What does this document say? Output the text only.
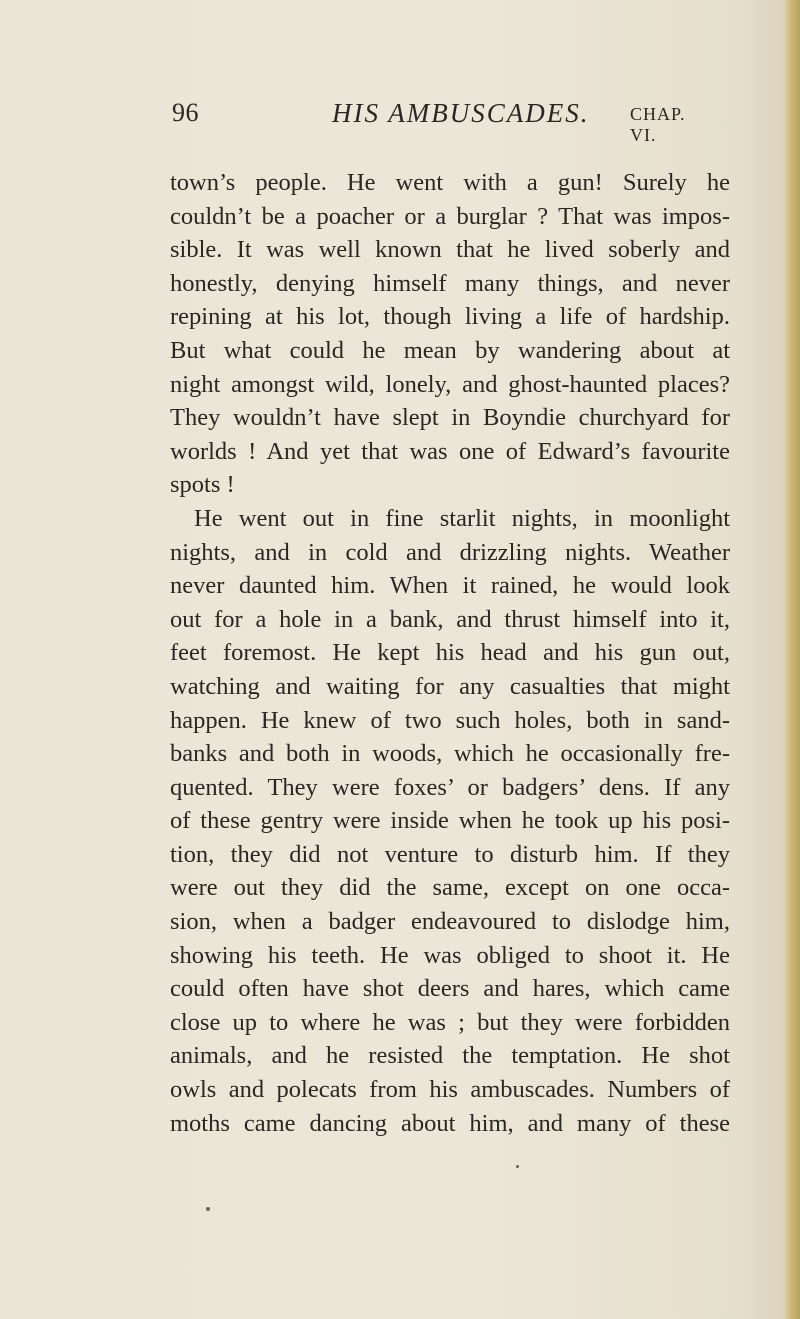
96	HIS AMBUSCADES. CHAP. VI.
town’s people. He went with a gun! Surely he
couldn’t be a poacher or a burglar ? That was impos-
sible. It was well known that he lived soberly and
honestly, denying himself many things, and never
repining at his lot, though living a life of hardship.
But what could he mean by wandering about at
night amongst wild, lonely, and ghost-haunted places?
They wouldn’t have slept in Boyndie churchyard for
worlds ! And yet that was one of Edward’s favourite
spots !
He went out in fine starlit nights, in moonlight
nights, and in cold and drizzling nights. Weather
never daunted him. When it rained, he would look
out for a hole in a bank, and thrust himself into it,
feet foremost. He kept his head and his gun out,
watching and waiting for any casualties that might
happen. He knew of two such holes, both in sand-
banks and both in woods, which he occasionally fre-
quented. They were foxes’ or badgers’ dens. If any
of these gentry were inside when he took up his posi-
tion, they did not venture to disturb him. If they
were out they did the same, except on one occa-
sion, when a badger endeavoured to dislodge him,
showing his teeth. He was obliged to shoot it. He
could often have shot deers and hares, which came
close up to where he was ; but they were forbidden
animals, and he resisted the temptation. He shot
owls and polecats from his ambuscades. Numbers of
moths came dancing about him, and many of these
